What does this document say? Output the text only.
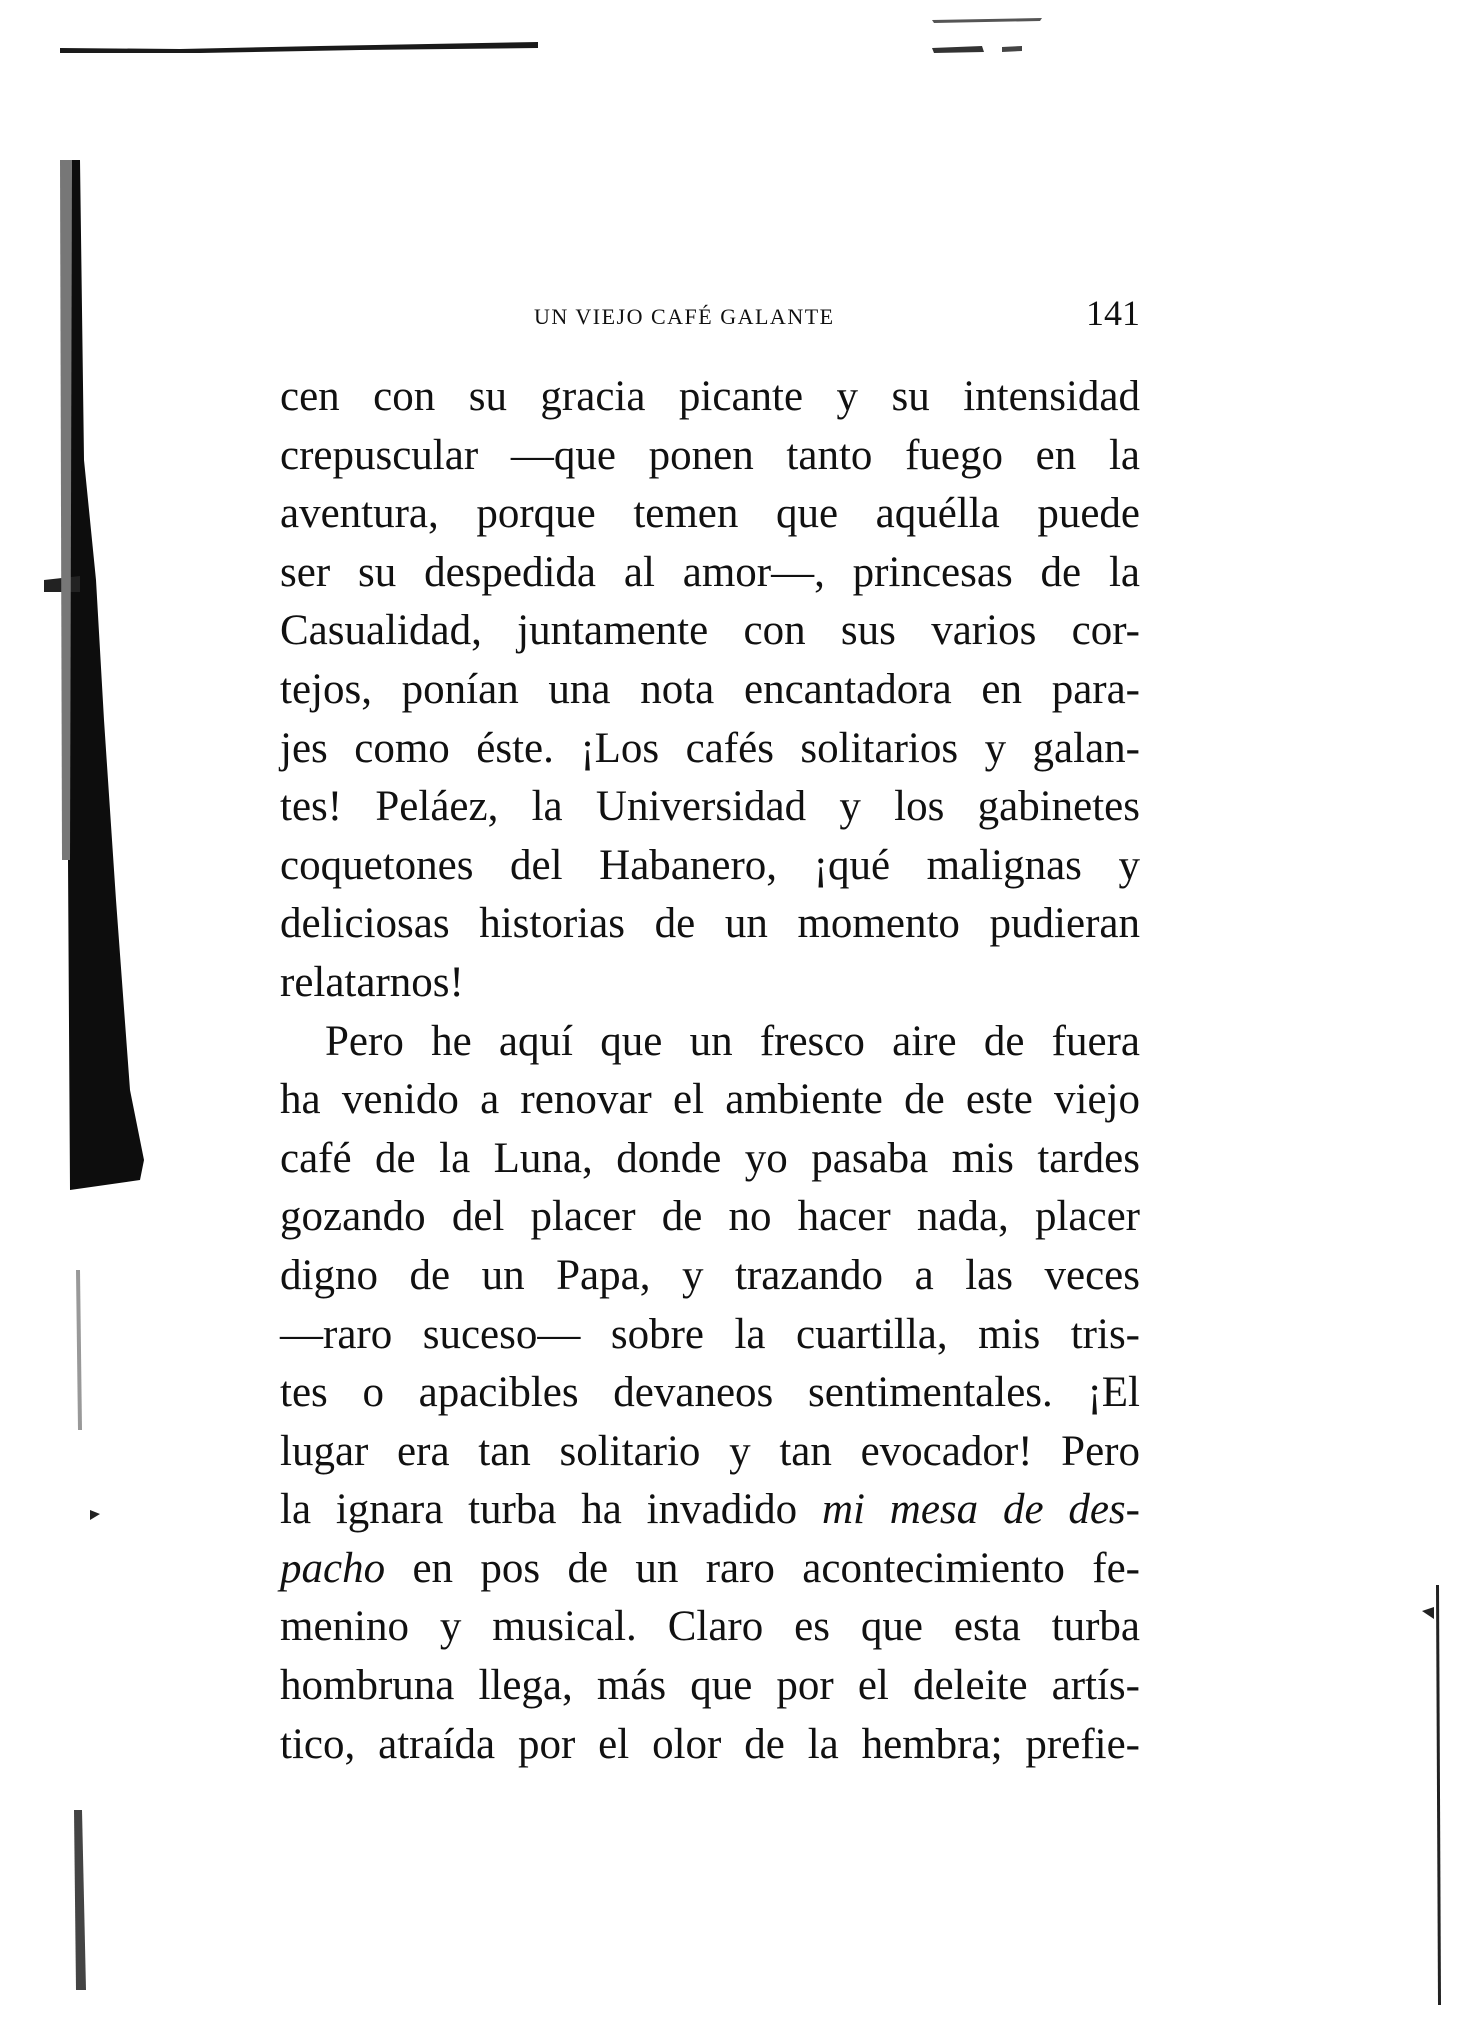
UN VIEJO CAFÉ GALANTE	141
cen con su gracia picante y su intensidad
crepuscular —que ponen tanto fuego en la
aventura, porque temen que aquélla puede
ser su despedida al amor—, princesas de la
Casualidad, juntamente con sus varios cor-
tejos, ponían una nota encantadora en para-
jes como éste. ¡Los cafés solitarios y galan-
tes! Peláez, la Universidad y los gabinetes
coquetones del Habanero, ¡qué malignas y
deliciosas historias de un momento pudieran
relatarnos!
Pero he aquí que un fresco aire de fuera
ha venido a renovar el ambiente de este viejo
café de la Luna, donde yo pasaba mis tardes
gozando del placer de no hacer nada, placer
digno de un Papa, y trazando a las veces
—raro suceso— sobre la cuartilla, mis tris-
tes o apacibles devaneos sentimentales. ¡El
lugar era tan solitario y tan evocador! Pero
la ignara turba ha invadido mi mesa de des-
pacho en pos de un raro acontecimiento fe-
menino y musical. Claro es que esta turba
hombruna llega, más que por el deleite artís-
tico, atraída por el olor de la hembra; prefie-
